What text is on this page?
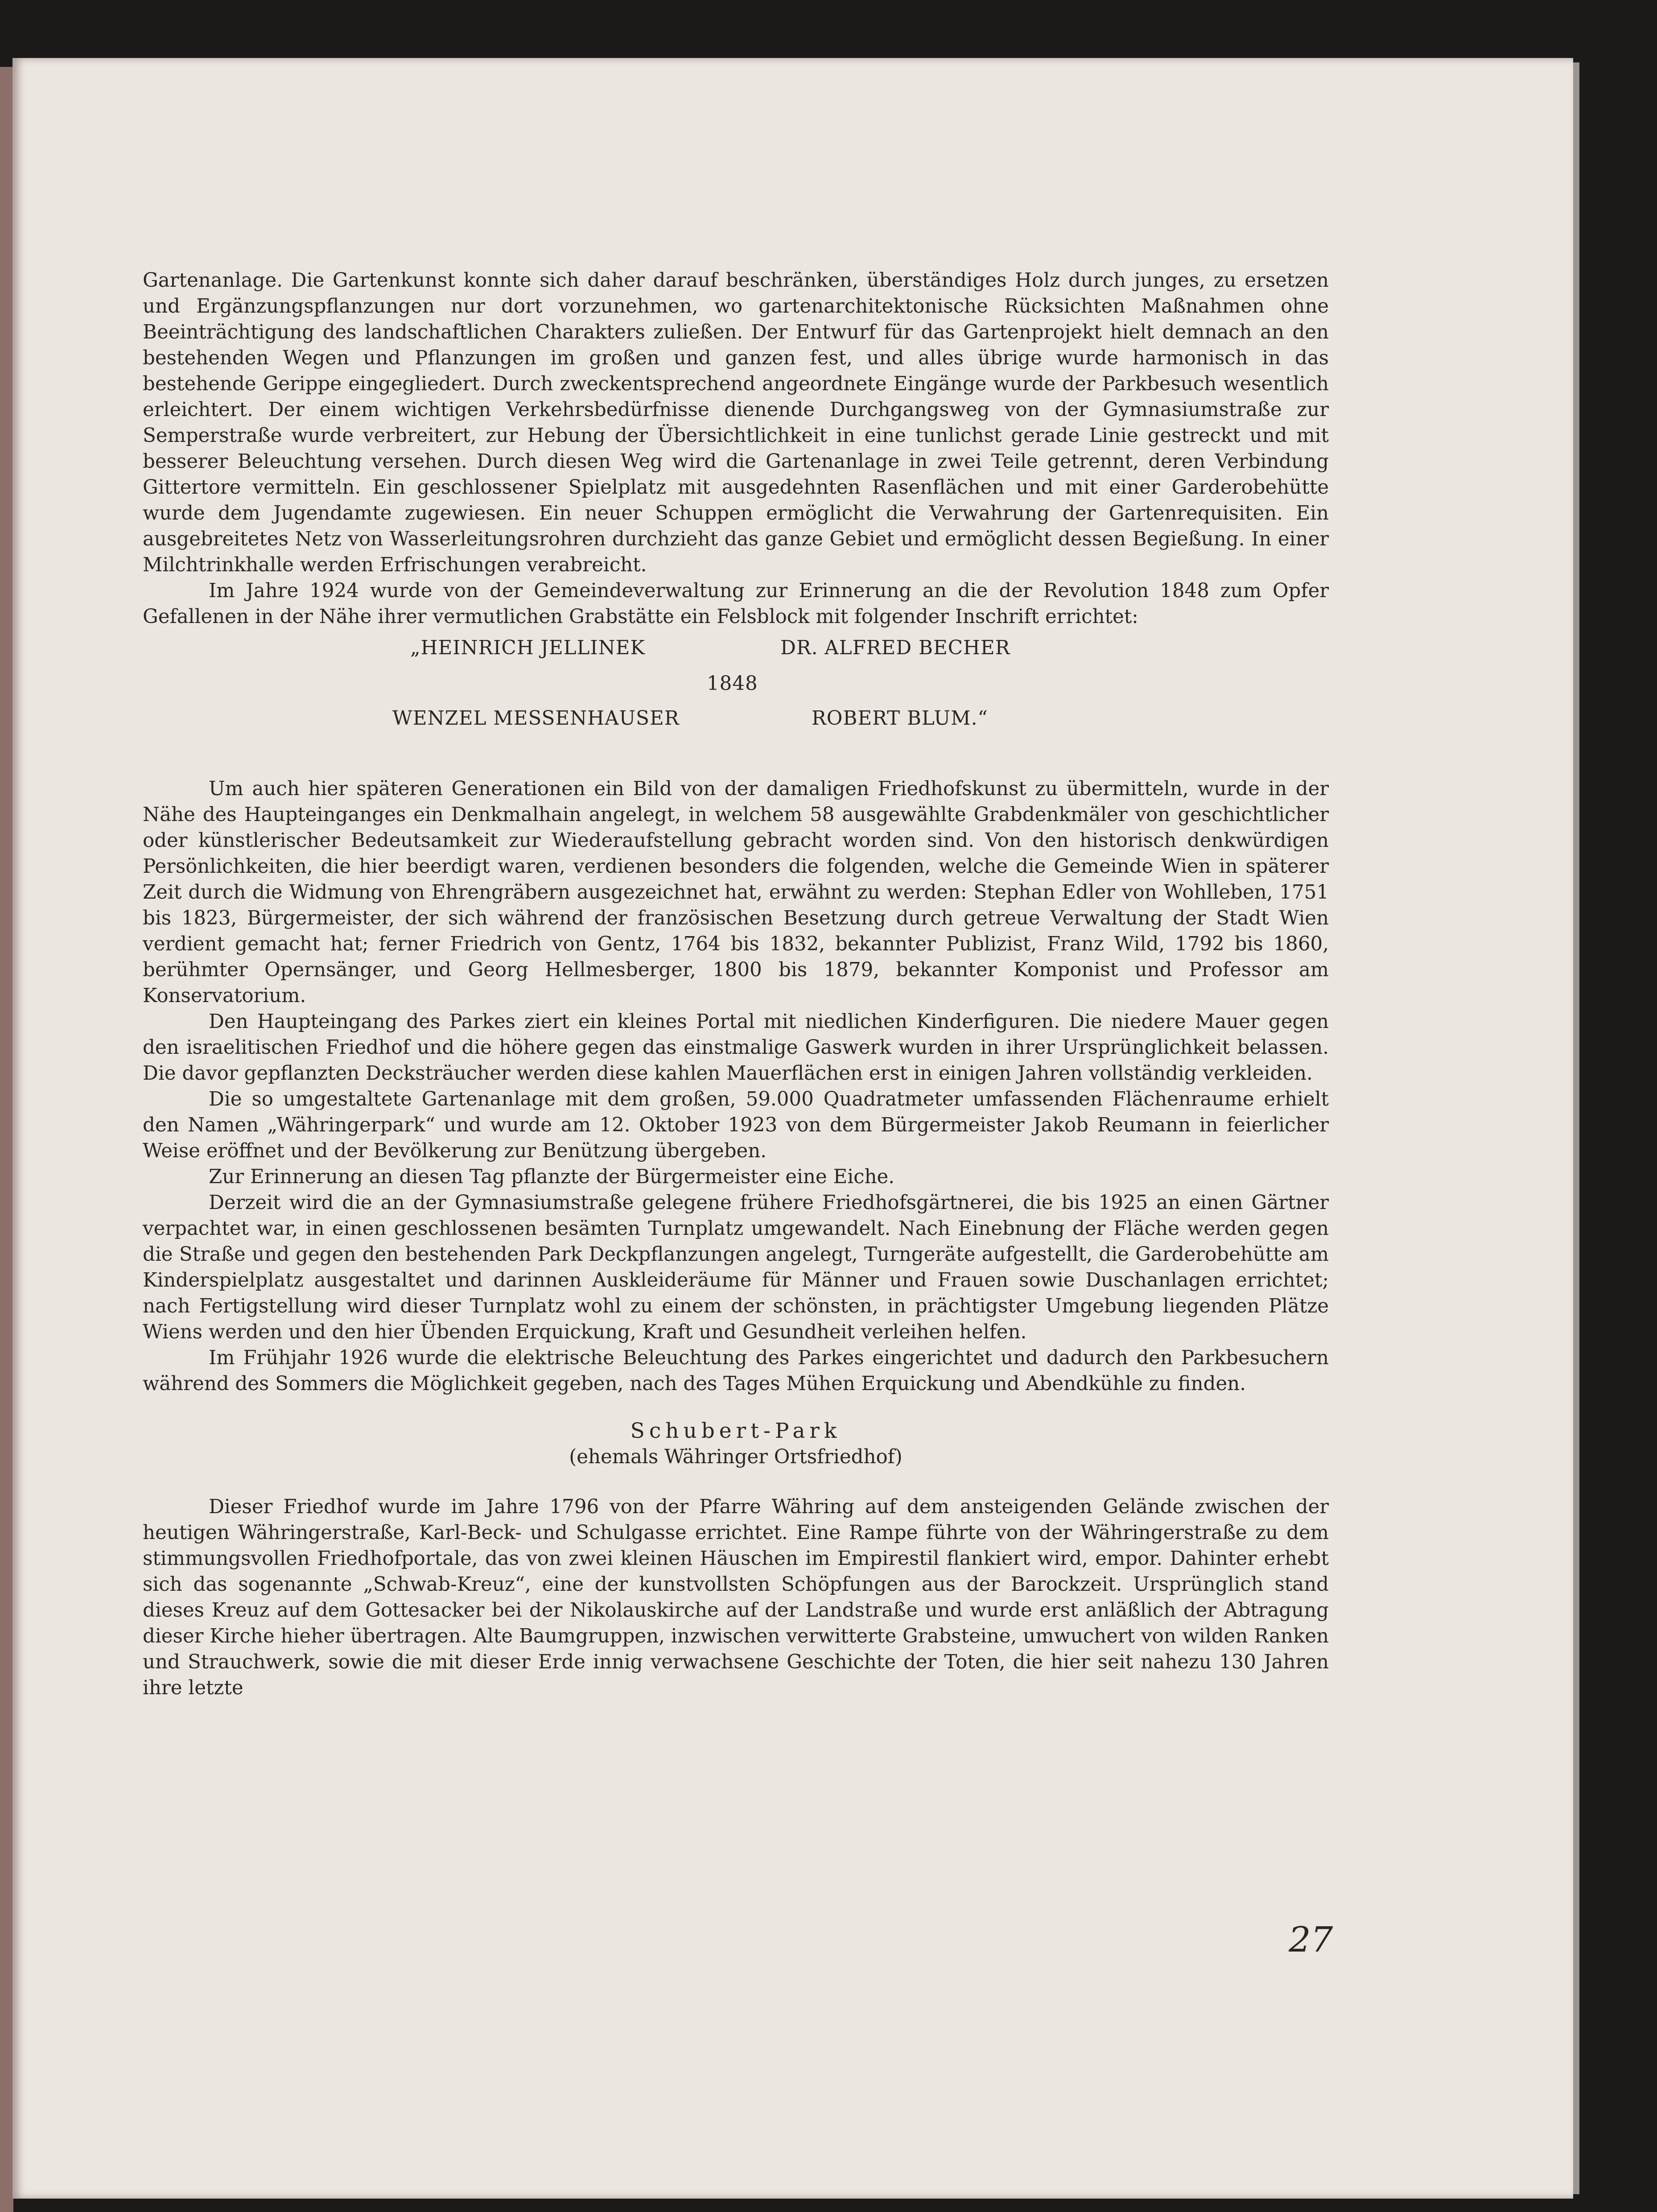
Gartenanlage. Die Gartenkunst konnte sich daher darauf beschränken, überständiges Holz durch junges, zu ersetzen und Ergänzungspflanzungen nur dort vorzunehmen, wo gartenarchitektonische Rücksichten Maßnahmen ohne Beeinträchtigung des landschaftlichen Charakters zuließen. Der Entwurf für das Gartenprojekt hielt demnach an den bestehenden Wegen und Pflanzungen im großen und ganzen fest, und alles übrige wurde harmonisch in das bestehende Gerippe eingegliedert. Durch zweckentsprechend angeordnete Eingänge wurde der Parkbesuch wesentlich erleichtert. Der einem wichtigen Verkehrsbedürfnisse dienende Durchgangsweg von der Gymnasiumstraße zur Semperstraße wurde verbreitert, zur Hebung der Übersichtlichkeit in eine tunlichst gerade Linie gestreckt und mit besserer Beleuchtung versehen. Durch diesen Weg wird die Gartenanlage in zwei Teile getrennt, deren Verbindung Gittertore vermitteln. Ein geschlossener Spielplatz mit ausgedehnten Rasenflächen und mit einer Garderobehütte wurde dem Jugendamte zugewiesen. Ein neuer Schuppen ermöglicht die Verwahrung der Gartenrequisiten. Ein ausgebreitetes Netz von Wasserleitungsrohren durchzieht das ganze Gebiet und ermöglicht dessen Begießung. In einer Milchtrinkhalle werden Erfrischungen verabreicht.

Im Jahre 1924 wurde von der Gemeindeverwaltung zur Erinnerung an die der Revolution 1848 zum Opfer Gefallenen in der Nähe ihrer vermutlichen Grabstätte ein Felsblock mit folgender Inschrift errichtet:

„HEINRICH JELLINEK	DR. ALFRED BECHER
1848
WENZEL MESSENHAUSER	ROBERT BLUM.“

Um auch hier späteren Generationen ein Bild von der damaligen Friedhofskunst zu übermitteln, wurde in der Nähe des Haupteinganges ein Denkmalhain angelegt, in welchem 58 ausgewählte Grabdenkmäler von geschichtlicher oder künstlerischer Bedeutsamkeit zur Wiederaufstellung gebracht worden sind. Von den historisch denkwürdigen Persönlichkeiten, die hier beerdigt waren, verdienen besonders die folgenden, welche die Gemeinde Wien in späterer Zeit durch die Widmung von Ehrengräbern ausgezeichnet hat, erwähnt zu werden: Stephan Edler von Wohlleben, 1751 bis 1823, Bürgermeister, der sich während der französischen Besetzung durch getreue Verwaltung der Stadt Wien verdient gemacht hat; ferner Friedrich von Gentz, 1764 bis 1832, bekannter Publizist, Franz Wild, 1792 bis 1860, berühmter Opernsänger, und Georg Hellmesberger, 1800 bis 1879, bekannter Komponist und Professor am Konservatorium.

Den Haupteingang des Parkes ziert ein kleines Portal mit niedlichen Kinderfiguren. Die niedere Mauer gegen den israelitischen Friedhof und die höhere gegen das einstmalige Gaswerk wurden in ihrer Ursprünglichkeit belassen. Die davor gepflanzten Decksträucher werden diese kahlen Mauerflächen erst in einigen Jahren vollständig verkleiden.

Die so umgestaltete Gartenanlage mit dem großen, 59.000 Quadratmeter umfassenden Flächenraume erhielt den Namen „Währingerpark“ und wurde am 12. Oktober 1923 von dem Bürgermeister Jakob Reumann in feierlicher Weise eröffnet und der Bevölkerung zur Benützung übergeben.

Zur Erinnerung an diesen Tag pflanzte der Bürgermeister eine Eiche.

Derzeit wird die an der Gymnasiumstraße gelegene frühere Friedhofsgärtnerei, die bis 1925 an einen Gärtner verpachtet war, in einen geschlossenen besämten Turnplatz umgewandelt. Nach Einebnung der Fläche werden gegen die Straße und gegen den bestehenden Park Deckpflanzungen angelegt, Turngeräte aufgestellt, die Garderobehütte am Kinderspielplatz ausgestaltet und darinnen Auskleideräume für Männer und Frauen sowie Duschanlagen errichtet; nach Fertigstellung wird dieser Turnplatz wohl zu einem der schönsten, in prächtigster Umgebung liegenden Plätze Wiens werden und den hier Übenden Erquickung, Kraft und Gesundheit verleihen helfen.

Im Frühjahr 1926 wurde die elektrische Beleuchtung des Parkes eingerichtet und dadurch den Parkbesuchern während des Sommers die Möglichkeit gegeben, nach des Tages Mühen Erquickung und Abendkühle zu finden.

Schubert-Park
(ehemals Währinger Ortsfriedhof)

Dieser Friedhof wurde im Jahre 1796 von der Pfarre Währing auf dem ansteigenden Gelände zwischen der heutigen Währingerstraße, Karl-Beck- und Schulgasse errichtet. Eine Rampe führte von der Währingerstraße zu dem stimmungsvollen Friedhofportale, das von zwei kleinen Häuschen im Empirestil flankiert wird, empor. Dahinter erhebt sich das sogenannte „Schwab-Kreuz“, eine der kunstvollsten Schöpfungen aus der Barockzeit. Ursprünglich stand dieses Kreuz auf dem Gottesacker bei der Nikolauskirche auf der Landstraße und wurde erst anläßlich der Abtragung dieser Kirche hieher übertragen. Alte Baumgruppen, inzwischen verwitterte Grabsteine, umwuchert von wilden Ranken und Strauchwerk, sowie die mit dieser Erde innig verwachsene Geschichte der Toten, die hier seit nahezu 130 Jahren ihre letzte

27
